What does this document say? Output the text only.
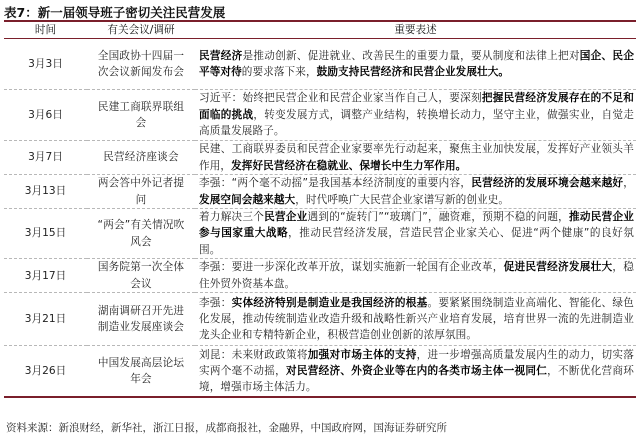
表7：新一届领导班子密切关注民营发展
时间	有关会议/调研	重要表述
3月3日	全国政协十四届一次会议新闻发布会	民营经济是推动创新、促进就业、改善民生的重要力量，要从制度和法律上把对国企、民企平等对待的要求落下来，鼓励支持民营经济和民营企业发展壮大。
3月6日	民建工商联界联组会	习近平：始终把民营企业和民营企业家当作自己人，要深刻把握民营经济发展存在的不足和面临的挑战，转变发展方式，调整产业结构，转换增长动力，坚守主业，做强实业，自觉走高质量发展路子。
3月7日	民营经济座谈会	民建、工商联界委员和民营企业家要率先行动起来，聚焦主业加快发展，发挥好产业领头羊作用，发挥好民营经济在稳就业、保增长中生力军作用。
3月13日	两会答中外记者提问	李强：“两个毫不动摇”是我国基本经济制度的重要内容，民营经济的发展环境会越来越好，发展空间会越来越大，时代呼唤广大民营企业家谱写新的创业史。
3月15日	“两会”有关情况吹风会	着力解决三个民营企业遇到的“旋转门”“玻璃门”，融资难，预期不稳的问题，推动民营企业参与国家重大战略，推动民营经济发展，营造民营企业家关心、促进“两个健康”的良好氛围。
3月17日	国务院第一次全体会议	李强：要进一步深化改革开放，谋划实施新一轮国有企业改革，促进民营经济发展壮大，稳住外贸外资基本盘。
3月21日	湖南调研召开先进制造业发展座谈会	李强：实体经济特别是制造业是我国经济的根基。要紧紧围绕制造业高端化、智能化、绿色化发展，推动传统制造业改造升级和战略性新兴产业培育发展，培育世界一流的先进制造业龙头企业和专精特新企业，积极营造创业创新的浓厚氛围。
3月26日	中国发展高层论坛年会	刘昆：未来财政政策将加强对市场主体的支持，进一步增强高质量发展内生的动力，切实落实两个毫不动摇，对民营经济、外资企业等在内的各类市场主体一视同仁，不断优化营商环境，增强市场主体活力。
资料来源：新浪财经，新华社，浙江日报，成都商报社，金融界，中国政府网，国海证券研究所
